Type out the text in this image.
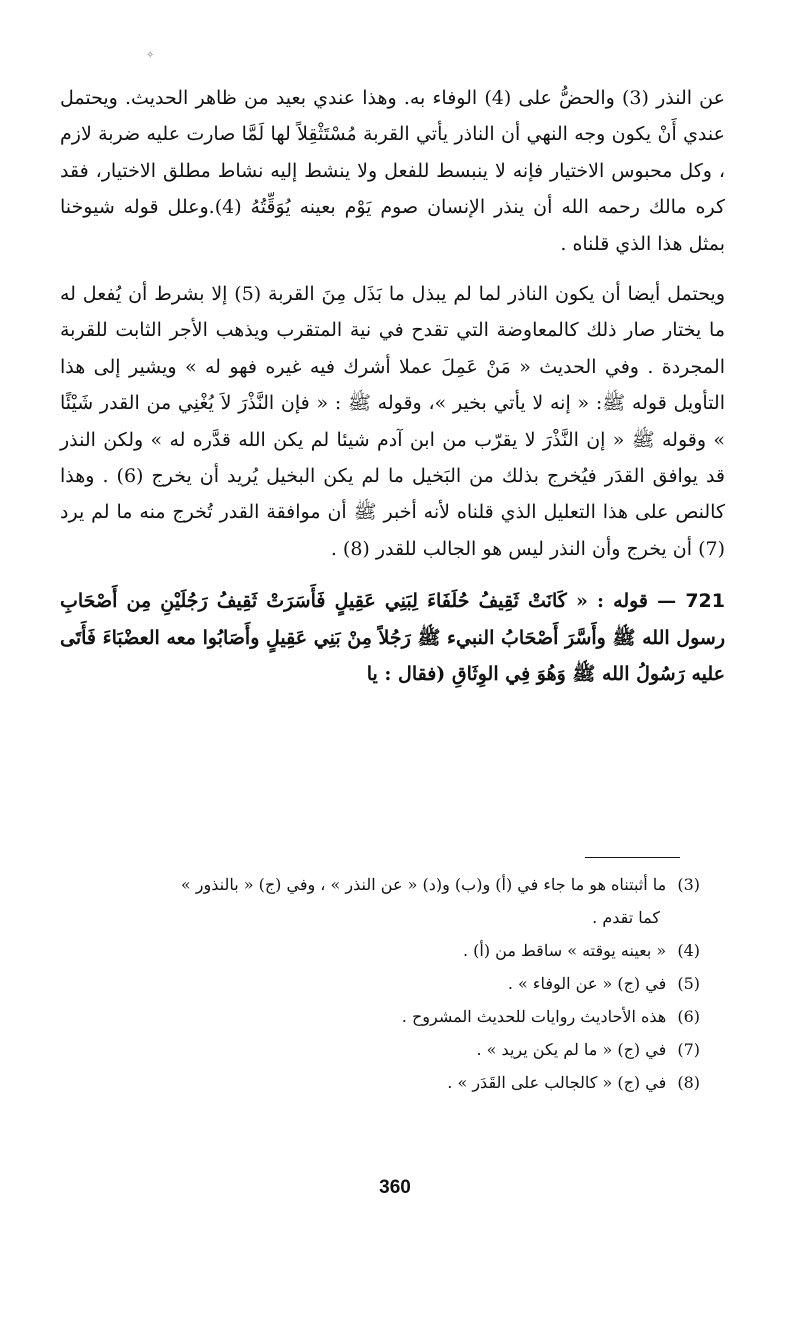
✧

عن النذر (3) والحضُّ على (4) الوفاء به. وهذا عندي بعيد من ظاهر الحديث. ويحتمل عندي أَنْ يكون وجه النهي أن الناذر يأتي القربة مُسْتَثْقِلاً لها لَمَّا صارت عليه ضربة لازم ، وكل محبوس الاختيار فإنه لا ينبسط للفعل ولا ينشط إليه نشاط مطلق الاختيار، فقد كره مالك رحمه الله أن ينذر الإنسان صوم يَوْم بعينه يُوَقِّتُهُ (4).وعلل قوله شيوخنا بمثل هذا الذي قلناه .

ويحتمل أيضا أن يكون الناذر لما لم يبذل ما بَذَل مِنَ القربة (5) إلا بشرط أن يُفعل له ما يختار صار ذلك كالمعاوضة التي تقدح في نية المتقرب ويذهب الأجر الثابت للقربة المجردة . وفي الحديث « مَنْ عَمِلَ عملا أشرك فيه غيره فهو له » ويشير إلى هذا التأويل قوله ﷺ: « إنه لا يأتي بخير »، وقوله ﷺ : « فإن النَّذْرَ لاَ يُغْنِي من القدر شَيْئًا » وقوله ﷺ « إن النَّذْرَ لا يقرّب من ابن آدم شيئا لم يكن الله قدَّره له » ولكن النذر قد يوافق القدَر فيُخرج بذلك من البَخيل ما لم يكن البخيل يُريد أن يخرج (6) . وهذا كالنص على هذا التعليل الذي قلناه لأنه أخبر ﷺ أن موافقة القدر تُخرج منه ما لم يرد (7) أن يخرج وأن النذر ليس هو الجالب للقدر (8) .

721 — قوله : « كَانَتْ ثَقِيفُ حُلَفَاءَ لِبَنِي عَقِيلٍ فَأَسَرَتْ ثَقِيفُ رَجُلَيْنِ مِن أَصْحَابِ رسول الله ﷺ وأَسَّرَ أَصْحَابُ النبيء ﷺ رَجُلاً مِنْ بَنِي عَقِيلٍ وأَصَابُوا معه العضْبَاءَ فَأَتَى عليه رَسُولُ الله ﷺ وَهُوَ فِي الوِثَاقِ (فقال : يا

(3) ما أثبتناه هو ما جاء في (أ) و(ب) و(د) « عن النذر » ، وفي (ج) « بالنذور »
كما تقدم .
(4) « بعينه يوقته » ساقط من (أ) .
(5) في (ج) « عن الوفاء » .
(6) هذه الأحاديث روايات للحديث المشروح .
(7) في (ج) « ما لم يكن يريد » .
(8) في (ج) « كالجالب على القَدَر » .
360
